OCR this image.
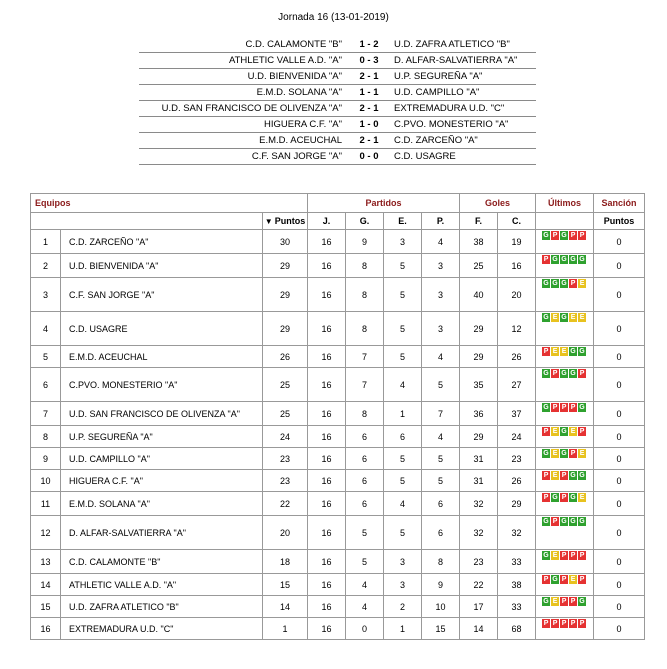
Jornada 16 (13-01-2019)
C.D. CALAMONTE "B"	1 - 2	U.D. ZAFRA ATLETICO "B"
ATHLETIC VALLE A.D. "A"	0 - 3	D. ALFAR-SALVATIERRA "A"
U.D. BIENVENIDA "A"	2 - 1	U.P. SEGUREÑA "A"
E.M.D. SOLANA "A"	1 - 1	U.D. CAMPILLO "A"
U.D. SAN FRANCISCO DE OLIVENZA "A"	2 - 1	EXTREMADURA U.D. "C"
HIGUERA C.F. "A"	1 - 0	C.PVO. MONESTERIO "A"
E.M.D. ACEUCHAL	2 - 1	C.D. ZARCEÑO "A"
C.F. SAN JORGE "A"	0 - 0	C.D. USAGRE
Equipos			Partidos				Goles		Últimos	Sanción
		▼ Puntos	J.	G.	E.	P.	F.	C.		Puntos
1	C.D. ZARCEÑO "A"	30	16	9	3	4	38	19	G P G P P	0
2	U.D. BIENVENIDA "A"	29	16	8	5	3	25	16	P G G G G	0
3	C.F. SAN JORGE "A"	29	16	8	5	3	40	20	G G G P E	0
4	C.D. USAGRE	29	16	8	5	3	29	12	G E G E E	0
5	E.M.D. ACEUCHAL	26	16	7	5	4	29	26	P E E G G	0
6	C.PVO. MONESTERIO "A"	25	16	7	4	5	35	27	G P G G P	0
7	U.D. SAN FRANCISCO DE OLIVENZA "A"	25	16	8	1	7	36	37	G P P P G	0
8	U.P. SEGUREÑA "A"	24	16	6	6	4	29	24	P E G E P	0
9	U.D. CAMPILLO "A"	23	16	6	5	5	31	23	G E G P E	0
10	HIGUERA C.F. "A"	23	16	6	5	5	31	26	P E P G G	0
11	E.M.D. SOLANA "A"	22	16	6	4	6	32	29	P G P G E	0
12	D. ALFAR-SALVATIERRA "A"	20	16	5	5	6	32	32	G P G G G	0
13	C.D. CALAMONTE "B"	18	16	5	3	8	23	33	G E P P P	0
14	ATHLETIC VALLE A.D. "A"	15	16	4	3	9	22	38	P G P E P	0
15	U.D. ZAFRA ATLETICO "B"	14	16	4	2	10	17	33	G E P P G	0
16	EXTREMADURA U.D. "C"	1	16	0	1	15	14	68	P P P P P	0
